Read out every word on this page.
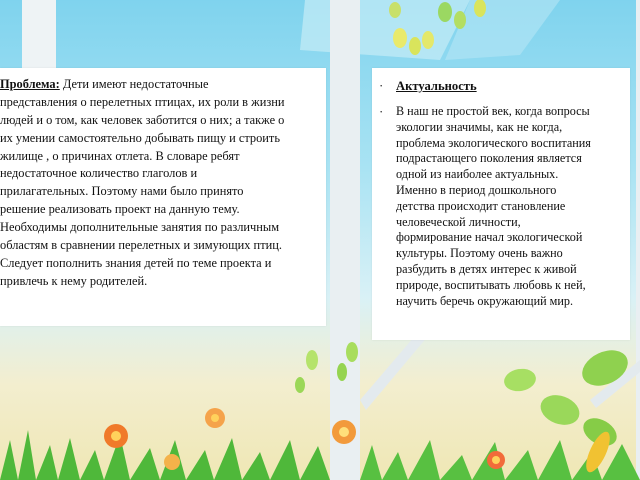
Проблема: Дети имеют недостаточные
представления о перелетных птицах, их роли в жизни
людей и о том, как человек заботится о них; а также о
их умении самостоятельно добывать пищу и строить
жилище , о причинах отлета. В словаре ребят
недостаточное количество глаголов и
прилагательных. Поэтому нами было принято
решение реализовать проект на данную тему.
Необходимы дополнительные занятия по различным
областям в сравнении перелетных и зимующих птиц.
Следует пополнить знания детей по теме проекта и
привлечь к нему родителей.
· Актуальность
· В наш не простой век, когда вопросы
экологии значимы, как не когда,
проблема экологического воспитания
подрастающего поколения является
одной из наиболее актуальных.
Именно в период дошкольного
детства происходит становление
человеческой личности,
формирование начал экологической
культуры. Поэтому очень важно
разбудить в детях интерес к живой
природе, воспитывать любовь к ней,
научить беречь окружающий мир.
